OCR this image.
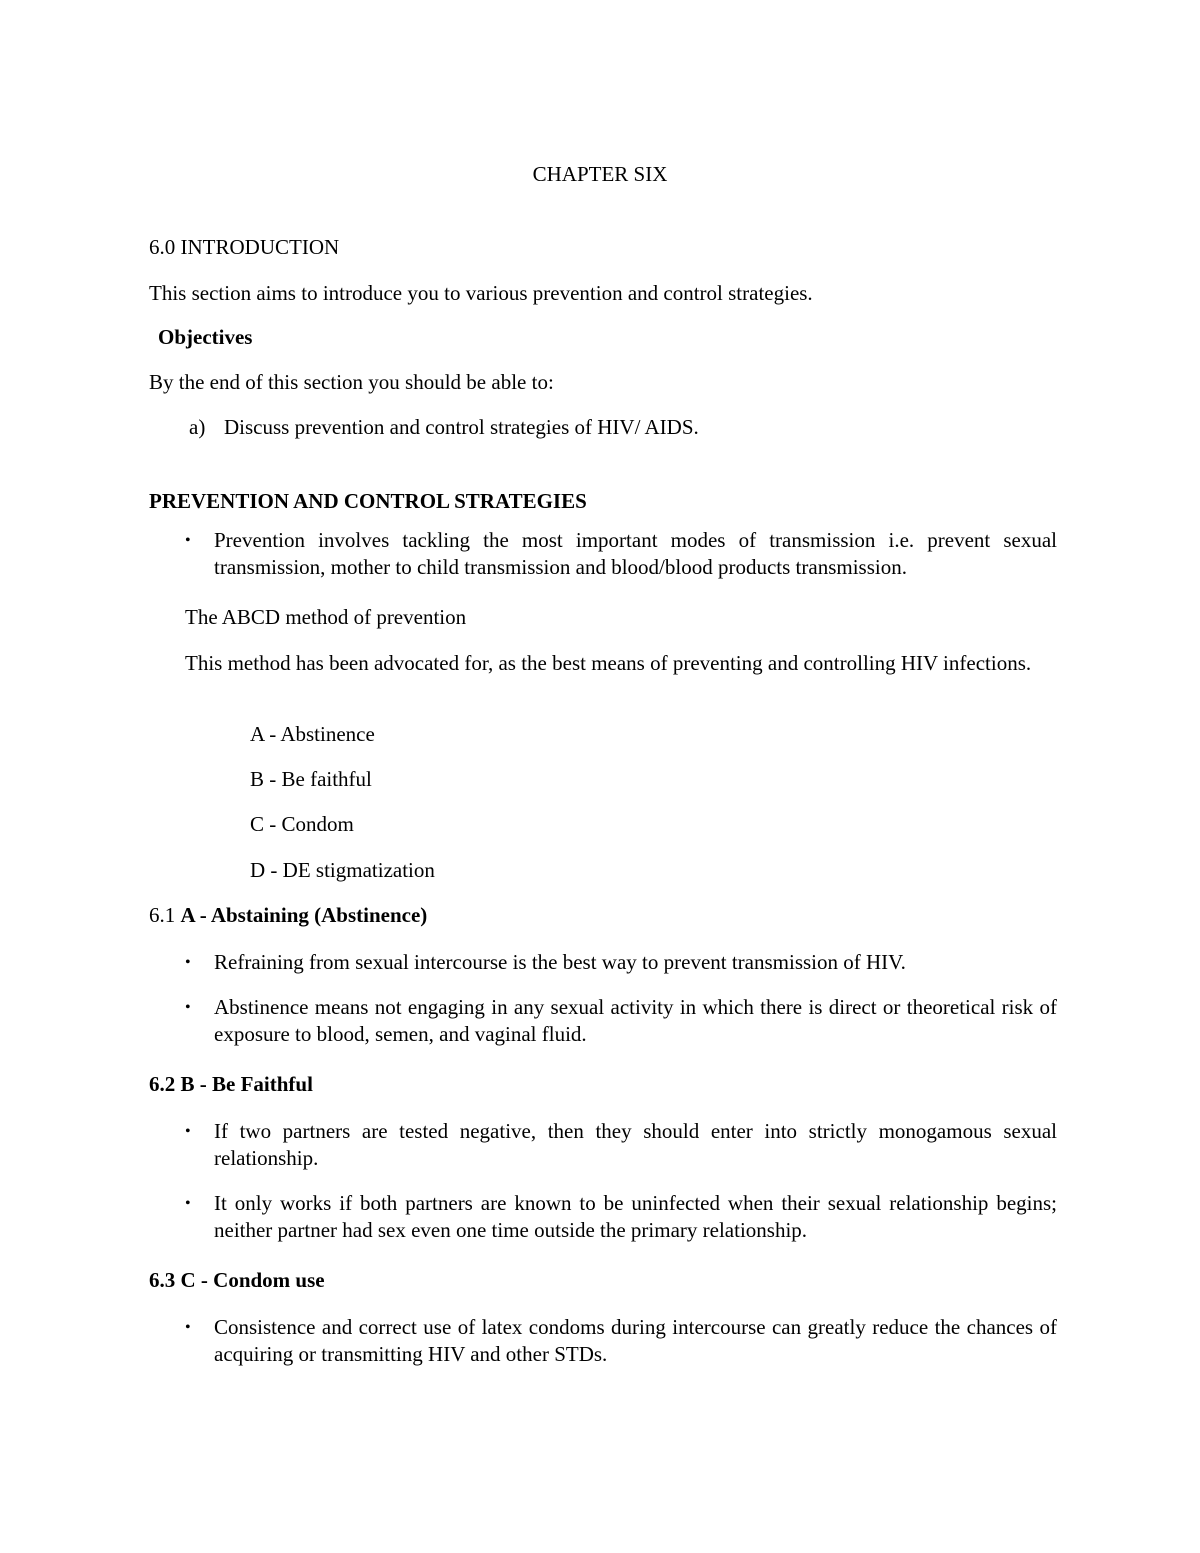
CHAPTER SIX

6.0 INTRODUCTION

This section aims to introduce you to various prevention and control strategies.

Objectives

By the end of this section you should be able to:

a) Discuss prevention and control strategies of HIV/ AIDS.

PREVENTION AND CONTROL STRATEGIES

• Prevention involves tackling the most important modes of transmission i.e. prevent sexual transmission, mother to child transmission and blood/blood products transmission.

The ABCD method of prevention

This method has been advocated for, as the best means of preventing and controlling HIV infections.

A - Abstinence

B - Be faithful

C - Condom

D - DE stigmatization

6.1 A - Abstaining (Abstinence)

• Refraining from sexual intercourse is the best way to prevent transmission of HIV.

• Abstinence means not engaging in any sexual activity in which there is direct or theoretical risk of exposure to blood, semen, and vaginal fluid.

6.2 B - Be Faithful

• If two partners are tested negative, then they should enter into strictly monogamous sexual relationship.

• It only works if both partners are known to be uninfected when their sexual relationship begins; neither partner had sex even one time outside the primary relationship.

6.3 C - Condom use

• Consistence and correct use of latex condoms during intercourse can greatly reduce the chances of acquiring or transmitting HIV and other STDs.
